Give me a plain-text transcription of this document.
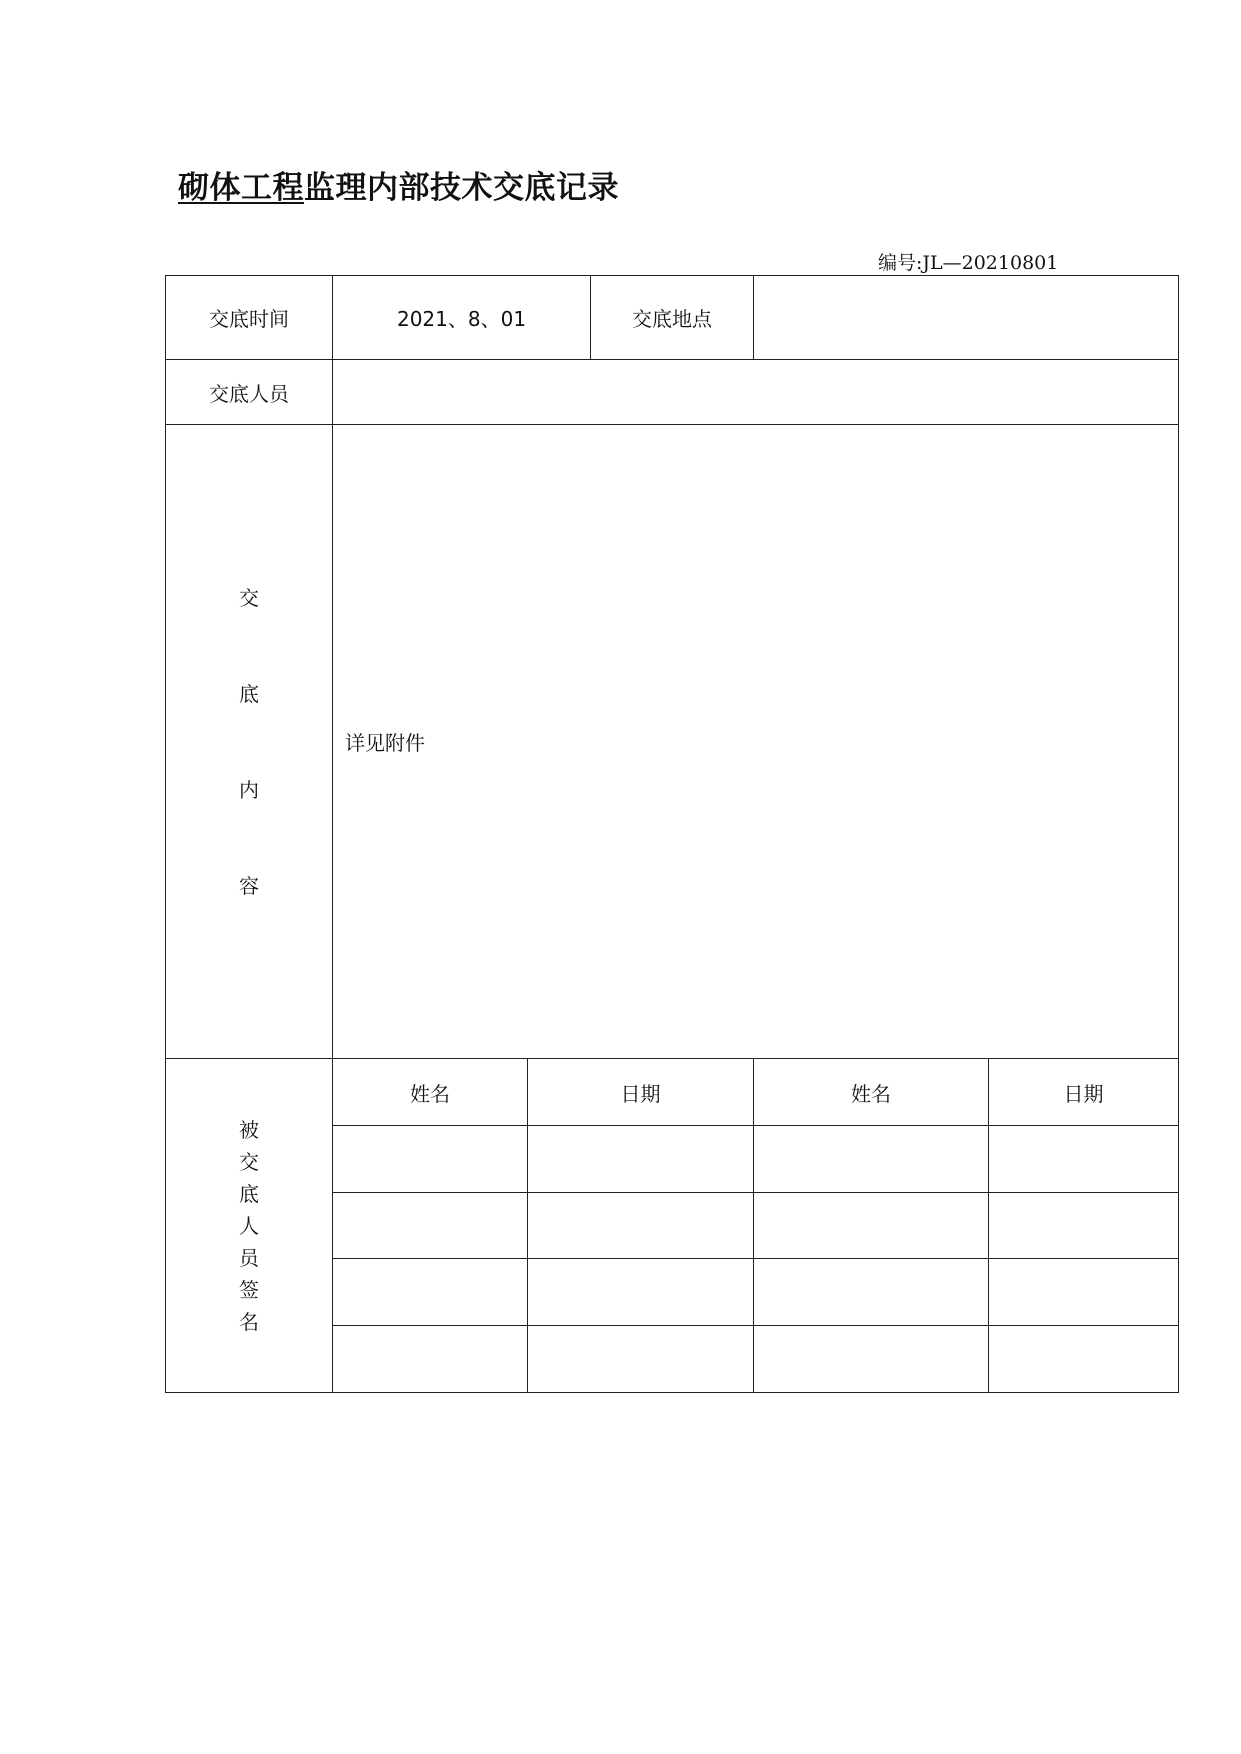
砌体工程监理内部技术交底记录
编号:JL—20210801
交底时间	2021、8、01		交底地点		
交底人员					
交底内容	详见附件				
被交底人员签名	姓名	日期		姓名	日期
